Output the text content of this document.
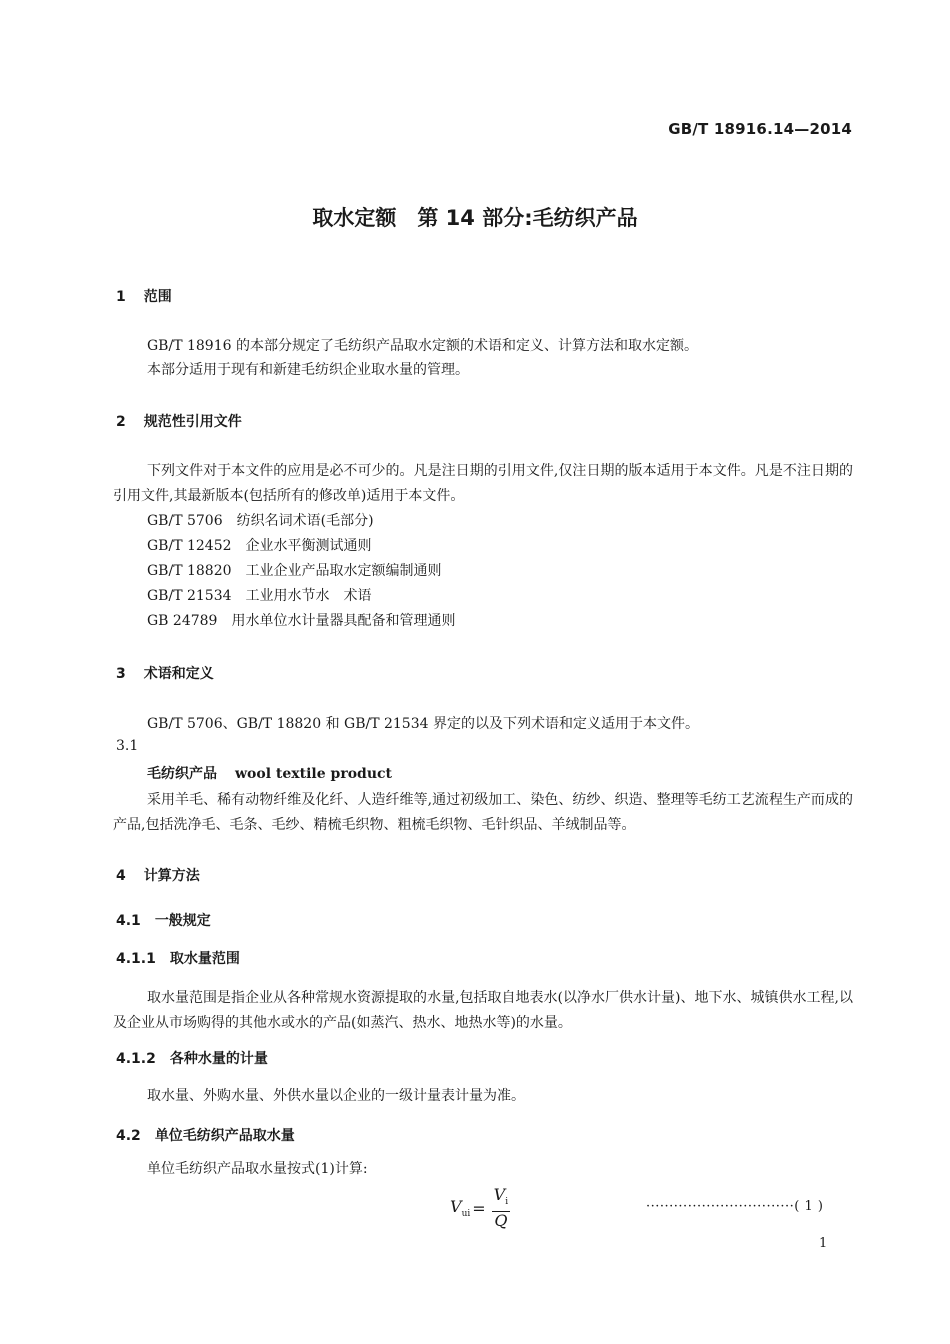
GB/T 18916.14—2014
取水定额　第 14 部分:毛纺织产品
1 范围
GB/T 18916 的本部分规定了毛纺织产品取水定额的术语和定义、计算方法和取水定额。
本部分适用于现有和新建毛纺织企业取水量的管理。
2 规范性引用文件
下列文件对于本文件的应用是必不可少的。凡是注日期的引用文件,仅注日期的版本适用于本文件。凡是不注日期的引用文件,其最新版本(包括所有的修改单)适用于本文件。
GB/T 5706　纺织名词术语(毛部分)
GB/T 12452　企业水平衡测试通则
GB/T 18820　工业企业产品取水定额编制通则
GB/T 21534　工业用水节水　术语
GB 24789　用水单位水计量器具配备和管理通则
3 术语和定义
GB/T 5706、GB/T 18820 和 GB/T 21534 界定的以及下列术语和定义适用于本文件。
3.1
毛纺织产品 wool textile product
采用羊毛、稀有动物纤维及化纤、人造纤维等,通过初级加工、染色、纺纱、织造、整理等毛纺工艺流程生产而成的产品,包括洗净毛、毛条、毛纱、精梳毛织物、粗梳毛织物、毛针织品、羊绒制品等。
4 计算方法
4.1 一般规定
4.1.1 取水量范围
取水量范围是指企业从各种常规水资源提取的水量,包括取自地表水(以净水厂供水计量)、地下水、城镇供水工程,以及企业从市场购得的其他水或水的产品(如蒸汽、热水、地热水等)的水量。
4.1.2 各种水量的计量
取水量、外购水量、外供水量以企业的一级计量表计量为准。
4.2 单位毛纺织产品取水量
单位毛纺织产品取水量按式(1)计算:
$V_{ui} = \frac{V_i}{Q}$	································( 1 )
1
